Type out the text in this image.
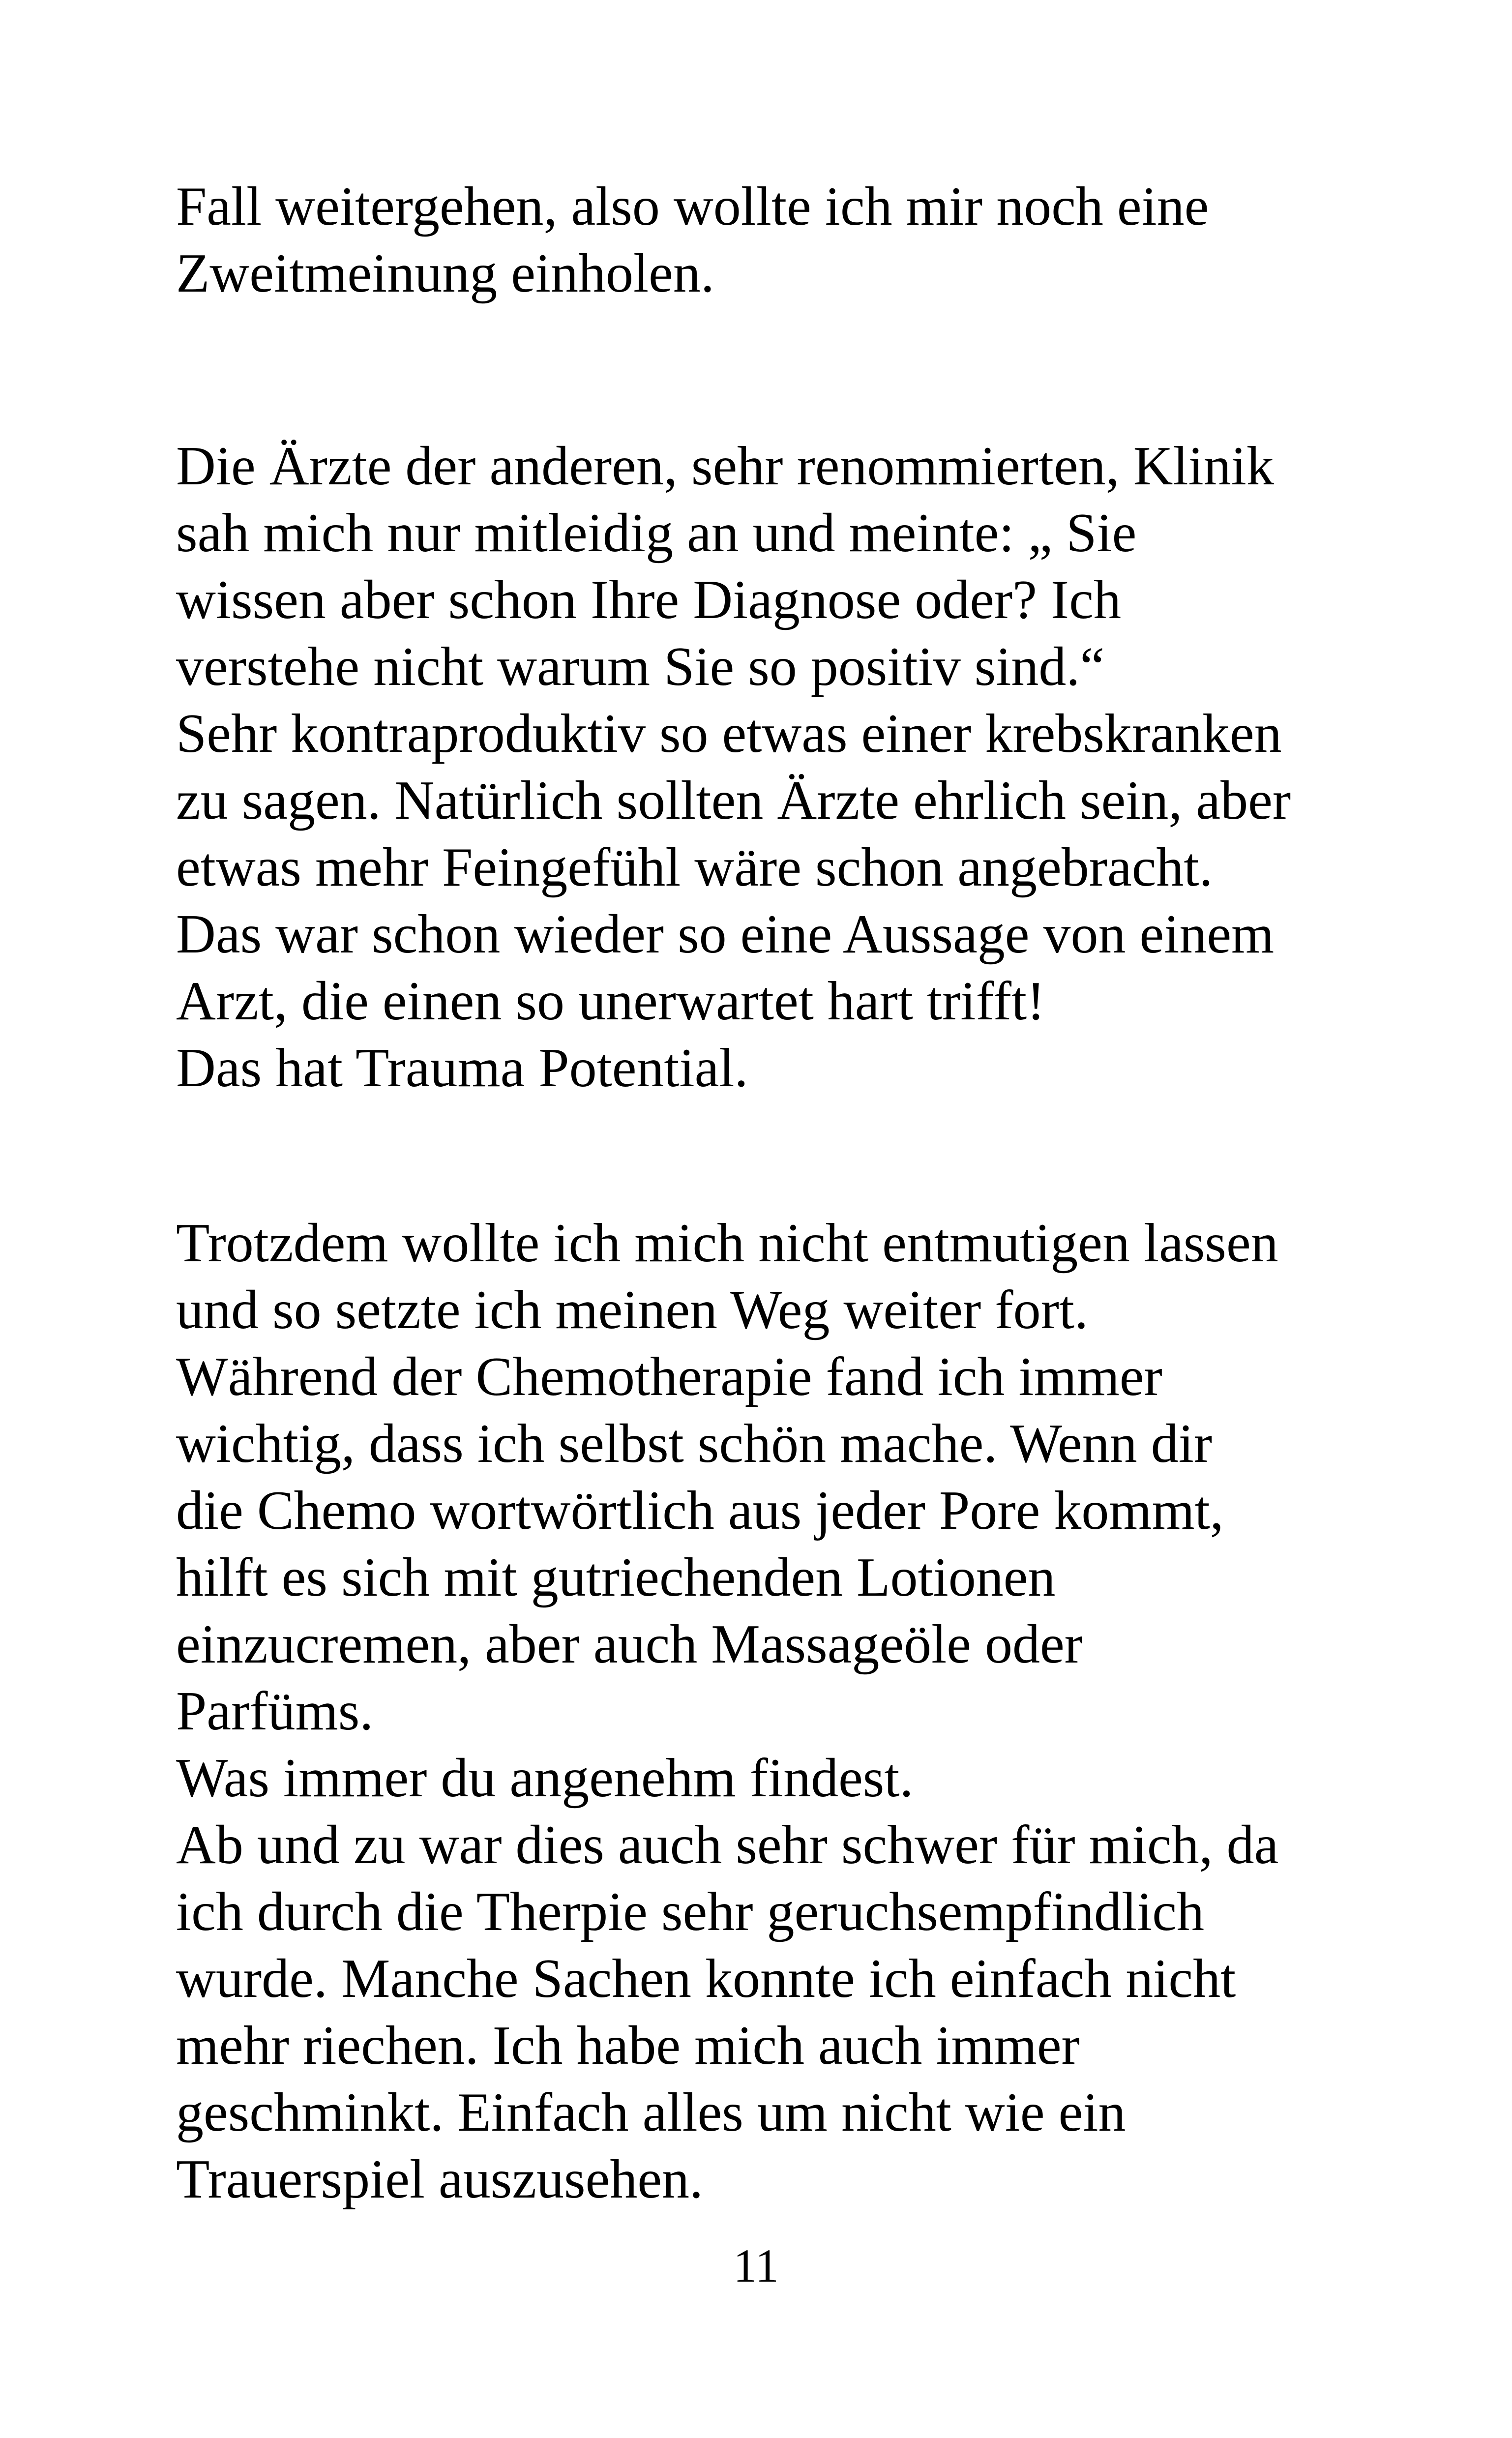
Fall weitergehen, also wollte ich mir noch eine
Zweitmeinung einholen.

Die Ärzte der anderen, sehr renommierten, Klinik
sah mich nur mitleidig an und meinte: „ Sie
wissen aber schon Ihre Diagnose oder? Ich
verstehe nicht warum Sie so positiv sind.“
Sehr kontraproduktiv so etwas einer krebskranken
zu sagen. Natürlich sollten Ärzte ehrlich sein, aber
etwas mehr Feingefühl wäre schon angebracht.
Das war schon wieder so eine Aussage von einem
Arzt, die einen so unerwartet hart trifft!
Das hat Trauma Potential.

Trotzdem wollte ich mich nicht entmutigen lassen
und so setzte ich meinen Weg weiter fort.
Während der Chemotherapie fand ich immer
wichtig, dass ich selbst schön mache. Wenn dir
die Chemo wortwörtlich aus jeder Pore kommt,
hilft es sich mit gutriechenden Lotionen
einzucremen, aber auch Massageöle oder
Parfüms.
Was immer du angenehm findest.
Ab und zu war dies auch sehr schwer für mich, da
ich durch die Therpie sehr geruchsempfindlich
wurde. Manche Sachen konnte ich einfach nicht
mehr riechen. Ich habe mich auch immer
geschminkt. Einfach alles um nicht wie ein
Trauerspiel auszusehen.

11
